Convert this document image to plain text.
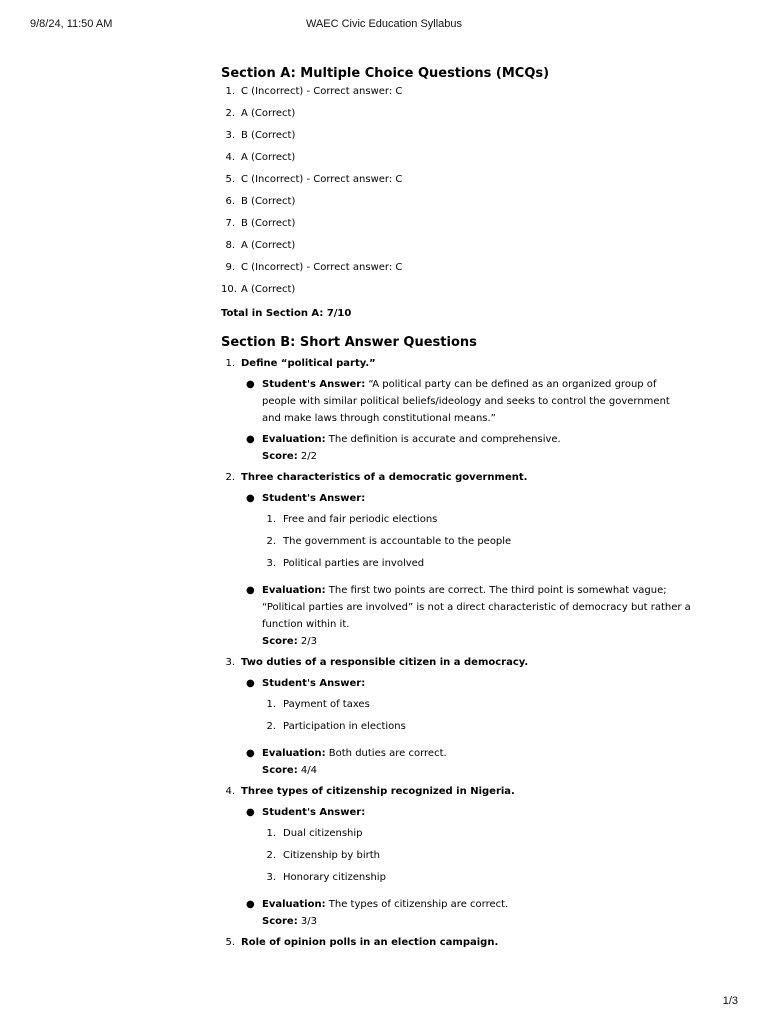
9/8/24, 11:50 AM	WAEC Civic Education Syllabus
Section A: Multiple Choice Questions (MCQs)
1. C (Incorrect) - Correct answer: C
2. A (Correct)
3. B (Correct)
4. A (Correct)
5. C (Incorrect) - Correct answer: C
6. B (Correct)
7. B (Correct)
8. A (Correct)
9. C (Incorrect) - Correct answer: C
10. A (Correct)
Total in Section A: 7/10
Section B: Short Answer Questions
1. Define “political party.”
● Student's Answer: “A political party can be defined as an organized group of people with similar political beliefs/ideology and seeks to control the government and make laws through constitutional means.”
● Evaluation: The definition is accurate and comprehensive.
Score: 2/2
2. Three characteristics of a democratic government.
● Student's Answer:
1. Free and fair periodic elections
2. The government is accountable to the people
3. Political parties are involved
● Evaluation: The first two points are correct. The third point is somewhat vague; “Political parties are involved” is not a direct characteristic of democracy but rather a function within it.
Score: 2/3
3. Two duties of a responsible citizen in a democracy.
● Student's Answer:
1. Payment of taxes
2. Participation in elections
● Evaluation: Both duties are correct.
Score: 4/4
4. Three types of citizenship recognized in Nigeria.
● Student's Answer:
1. Dual citizenship
2. Citizenship by birth
3. Honorary citizenship
● Evaluation: The types of citizenship are correct.
Score: 3/3
5. Role of opinion polls in an election campaign.
1/3
